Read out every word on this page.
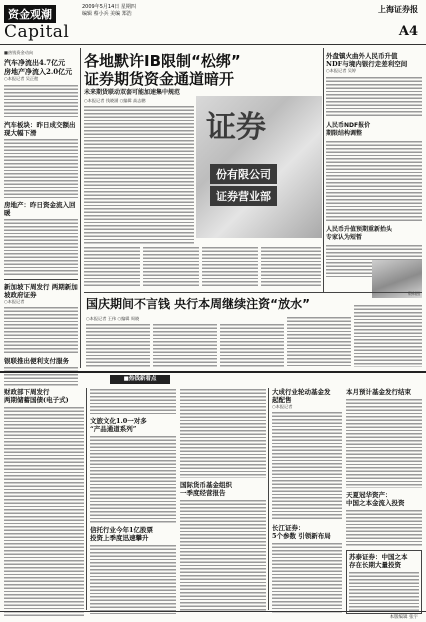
资金观潮
Capital
2009年5月14日 星期四
编辑 蔡小兵 美编 郑浩	上海证券报
A4
■热钱资金动向
汽车净流出4.7亿元
房地产净流入2.0亿元
○本报记者 吴正懿
汽车板块：昨日成交额出现大幅下滑
房地产：昨日资金流入回暖
新加坡下周发行 两期新加坡政府证券
○本报记者
银联推出便利支付服务
各地默许IB限制“松绑”
证券期货资金通道暗开
未来期货联动双套可能加速集中规范
○本报记者 钱晓涵 ○编辑 高志鹏
证券
份有限公司
证券营业部
外盘镇火曲外人民币升值
NDF与境内银行走差利空间
○本报记者 吴婷
人民币NDF报价
期限结构调整
人民币升值预期重新抬头
专家认为短暂
资料图
国庆期间不言钱 央行本周继续注资“放水”
○本报记者 王伟 ○编辑 周晓
■热钱新看点
财政部下周发行
两期储蓄国债(电子式)
文旅文化1.0一对多
“产品通道系列”
信托行业今年1亿股票
投资上季度迅速攀升
国际货币基金组织
一季度经营报告
大成行业轮动基金发
起配售
○本报记者
长江证券：
5个参数 引领新布局
本月预计基金发行结束
天夏冠华资产：
中国之本金流入投资
苏泰证券：中国之本
存在长期大量投资
本版编辑 张宇
